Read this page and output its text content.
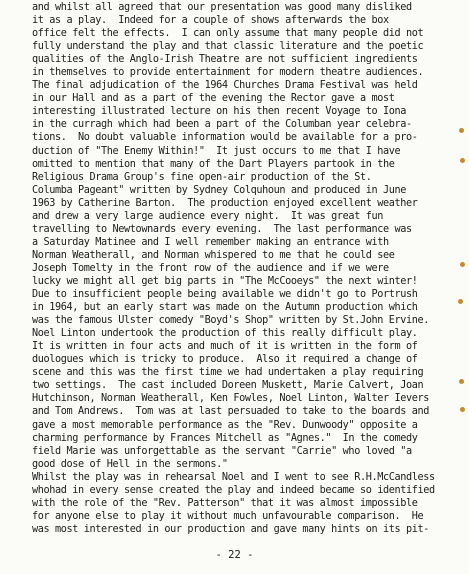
and whilst all agreed that our presentation was good many disliked
it as a play.  Indeed for a couple of shows afterwards the box
office felt the effects.  I can only assume that many people did not
fully understand the play and that classic literature and the poetic
qualities of the Anglo-Irish Theatre are not sufficient ingredients
in themselves to provide entertainment for modern theatre audiences.
The final adjudication of the 1964 Churches Drama Festival was held
in our Hall and as a part of the evening the Rector gave a most
interesting illustrated lecture on his then recent Voyage to Iona
in the curragh which had been a part of the Columban year celebra-
tions.  No doubt valuable information would be available for a pro-
duction of "The Enemy Within!"  It just occurs to me that I have
omitted to mention that many of the Dart Players partook in the
Religious Drama Group's fine open-air production of the St.
Columba Pageant" written by Sydney Colquhoun and produced in June
1963 by Catherine Barton.  The production enjoyed excellent weather
and drew a very large audience every night.  It was great fun
travelling to Newtownards every evening.  The last performance was
a Saturday Matinee and I well remember making an entrance with
Norman Weatherall, and Norman whispered to me that he could see
Joseph Tomelty in the front row of the audience and if we were
lucky we might all get big parts in "The McCooeys" the next winter!
Due to insufficient people being available we didn't go to Portrush
in 1964, but an early start was made on the Autumn production which
was the famous Ulster comedy "Boyd's Shop" written by St.John Ervine.
Noel Linton undertook the production of this really difficult play.
It is written in four acts and much of it is written in the form of
duologues which is tricky to produce.  Also it required a change of
scene and this was the first time we had undertaken a play requiring
two settings.  The cast included Doreen Muskett, Marie Calvert, Joan
Hutchinson, Norman Weatherall, Ken Fowles, Noel Linton, Walter Ievers
and Tom Andrews.  Tom was at last persuaded to take to the boards and
gave a most memorable performance as the "Rev. Dunwoody" opposite a
charming performance by Frances Mitchell as "Agnes."  In the comedy
field Marie was unforgettable as the servant "Carrie" who loved "a
good dose of Hell in the sermons."
Whilst the play was in rehearsal Noel and I went to see R.H.McCandless
whohad in every sense created the play and indeed became so identified
with the role of the "Rev. Patterson" that it was almost impossible
for anyone else to play it without much unfavourable comparison.  He
was most interested in our production and gave many hints on its pit-
- 22 -
